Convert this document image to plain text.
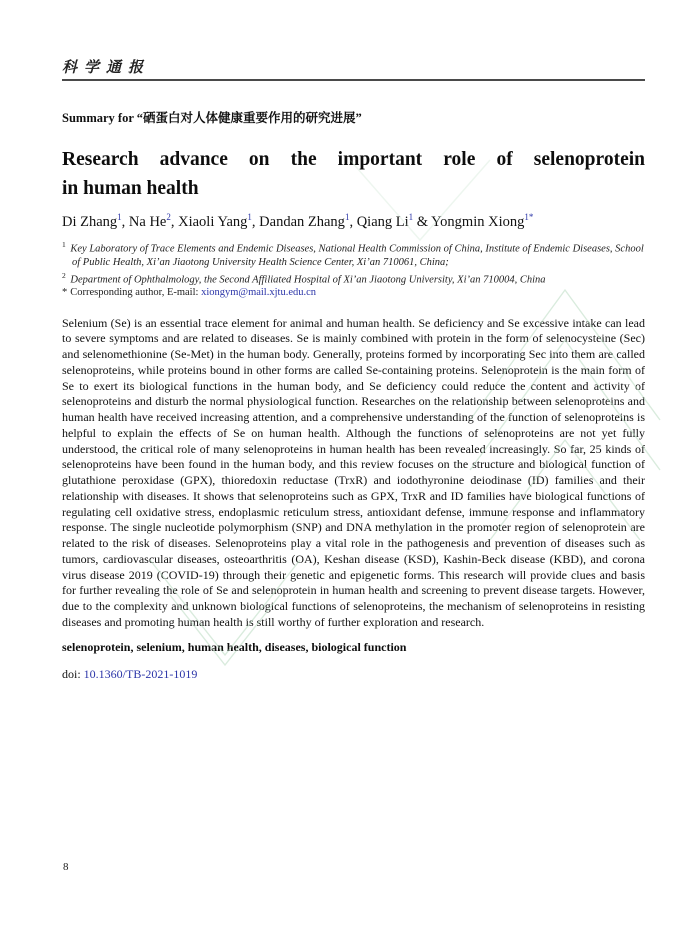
科学通报

Summary for “硒蛋白对人体健康重要作用的研究进展”

Research advance on the important role of selenoprotein
in human health

Di Zhang$^1$, Na He$^2$, Xiaoli Yang$^1$, Dandan Zhang$^1$, Qiang Li$^1$ & Yongmin Xiong$^{1*}$

$^1$ Key Laboratory of Trace Elements and Endemic Diseases, National Health Commission of China, Institute of Endemic Diseases, School of Public Health, Xi’an Jiaotong University Health Science Center, Xi’an 710061, China;

$^2$ Department of Ophthalmology, the Second Affiliated Hospital of Xi’an Jiaotong University, Xi’an 710004, China

* Corresponding author, E-mail: xiongym@mail.xjtu.edu.cn

Selenium (Se) is an essential trace element for animal and human health. Se deficiency and Se excessive intake can lead to severe symptoms and are related to diseases. Se is mainly combined with protein in the form of selenocysteine (Sec) and selenomethionine (Se-Met) in the human body. Generally, proteins formed by incorporating Sec into them are called selenoproteins, while proteins bound in other forms are called Se-containing proteins. Selenoprotein is the main form of Se to exert its biological functions in the human body, and Se deficiency could reduce the content and activity of selenoproteins and disturb the normal physiological function. Researches on the relationship between selenoproteins and human health have received increasing attention, and a comprehensive understanding of the function of selenoproteins is helpful to explain the effects of Se on human health. Although the functions of selenoproteins are not yet fully understood, the critical role of many selenoproteins in human health has been revealed increasingly. So far, 25 kinds of selenoproteins have been found in the human body, and this review focuses on the structure and biological function of glutathione peroxidase (GPX), thioredoxin reductase (TrxR) and iodothyronine deiodinase (ID) families and their relationship with diseases. It shows that selenoproteins such as GPX, TrxR and ID families have biological functions of regulating cell oxidative stress, endoplasmic reticulum stress, antioxidant defense, immune response and inflammatory response. The single nucleotide polymorphism (SNP) and DNA methylation in the promoter region of selenoprotein are related to the risk of diseases. Selenoproteins play a vital role in the pathogenesis and prevention of diseases such as tumors, cardiovascular diseases, osteoarthritis (OA), Keshan disease (KSD), Kashin-Beck disease (KBD), and corona virus disease 2019 (COVID-19) through their genetic and epigenetic forms. This research will provide clues and basis for further revealing the role of Se and selenoprotein in human health and screening to prevent disease targets. However, due to the complexity and unknown biological functions of selenoproteins, the mechanism of selenoproteins in resisting diseases and promoting human health is still worthy of further exploration and research.

selenoprotein, selenium, human health, diseases, biological function

doi: 10.1360/TB-2021-1019

8
